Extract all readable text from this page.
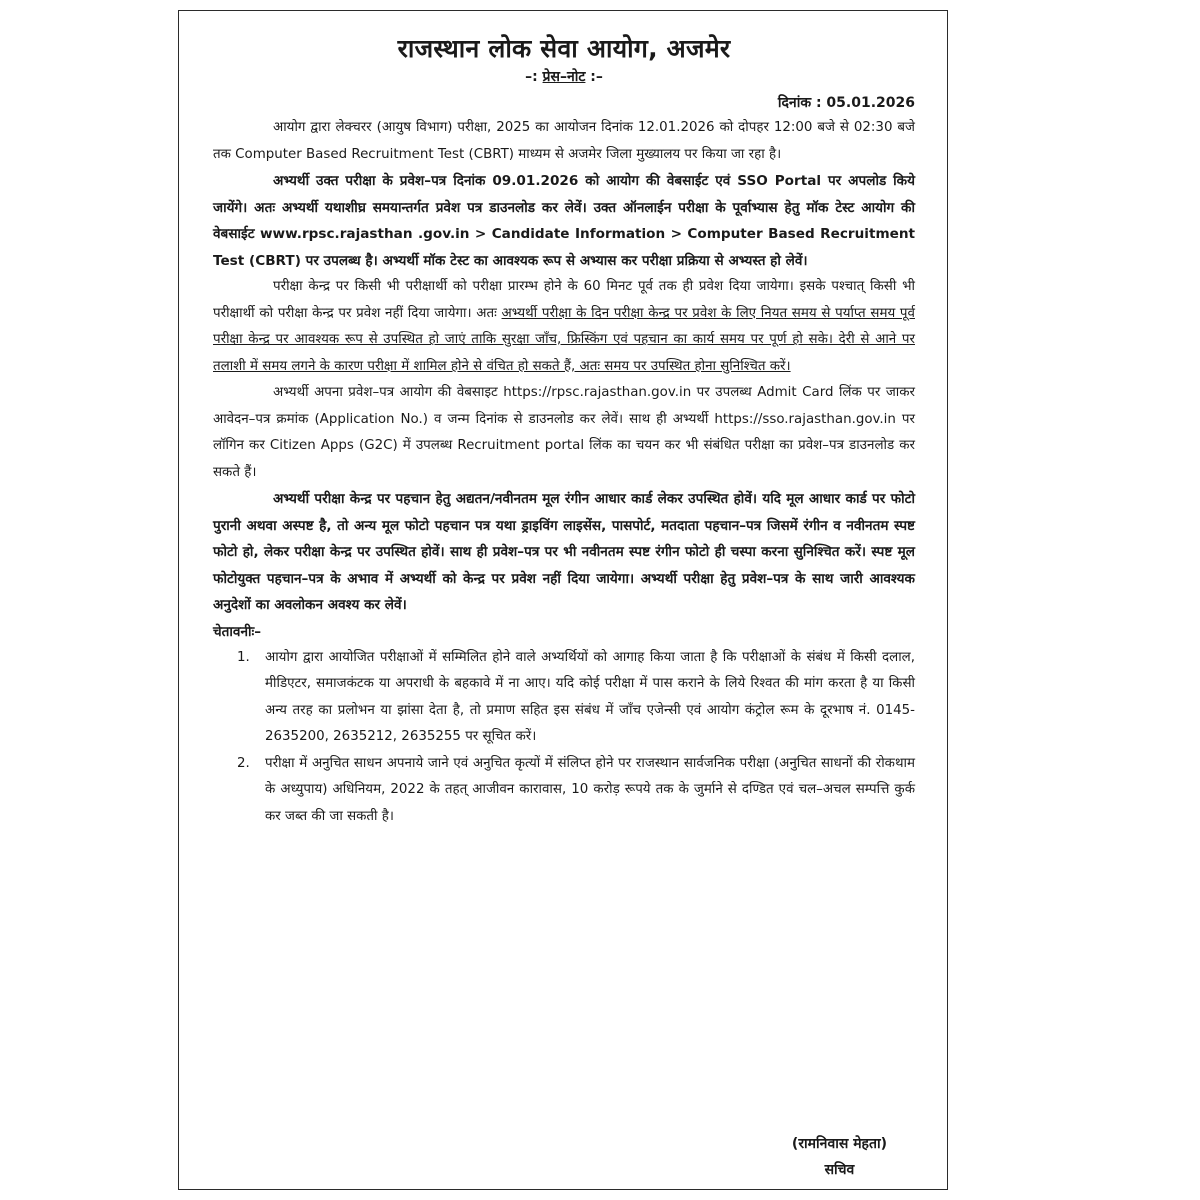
राजस्थान लोक सेवा आयोग, अजमेर
–: प्रेस–नोट :–
दिनांक : 05.01.2026

आयोग द्वारा लेक्चरर (आयुष विभाग) परीक्षा, 2025 का आयोजन दिनांक 12.01.2026 को दोपहर 12:00 बजे से 02:30 बजे तक Computer Based Recruitment Test (CBRT) माध्यम से अजमेर जिला मुख्यालय पर किया जा रहा है।

अभ्यर्थी उक्त परीक्षा के प्रवेश–पत्र दिनांक 09.01.2026 को आयोग की वेबसाईट एवं SSO Portal पर अपलोड किये जायेंगे। अतः अभ्यर्थी यथाशीघ्र समयान्तर्गत प्रवेश पत्र डाउनलोड कर लेवें। उक्त ऑनलाईन परीक्षा के पूर्वाभ्यास हेतु मॉक टेस्ट आयोग की वेबसाईट www.rpsc.rajasthan .gov.in > Candidate Information > Computer Based Recruitment Test (CBRT) पर उपलब्ध है। अभ्यर्थी मॉक टेस्ट का आवश्यक रूप से अभ्यास कर परीक्षा प्रक्रिया से अभ्यस्त हो लेवें।

परीक्षा केन्द्र पर किसी भी परीक्षार्थी को परीक्षा प्रारम्भ होने के 60 मिनट पूर्व तक ही प्रवेश दिया जायेगा। इसके पश्चात् किसी भी परीक्षार्थी को परीक्षा केन्द्र पर प्रवेश नहीं दिया जायेगा। अतः अभ्यर्थी परीक्षा के दिन परीक्षा केन्द्र पर प्रवेश के लिए नियत समय से पर्याप्त समय पूर्व परीक्षा केन्द्र पर आवश्यक रूप से उपस्थित हो जाएं ताकि सुरक्षा जाँच, फ्रिस्किंग एवं पहचान का कार्य समय पर पूर्ण हो सके। देरी से आने पर तलाशी में समय लगने के कारण परीक्षा में शामिल होने से वंचित हो सकते हैं, अतः समय पर उपस्थित होना सुनिश्चित करें।

अभ्यर्थी अपना प्रवेश–पत्र आयोग की वेबसाइट https://rpsc.rajasthan.gov.in पर उपलब्ध Admit Card लिंक पर जाकर आवेदन–पत्र क्रमांक (Application No.) व जन्म दिनांक से डाउनलोड कर लेवें। साथ ही अभ्यर्थी https://sso.rajasthan.gov.in पर लॉगिन कर Citizen Apps (G2C) में उपलब्ध Recruitment portal लिंक का चयन कर भी संबंधित परीक्षा का प्रवेश–पत्र डाउनलोड कर सकते हैं।

अभ्यर्थी परीक्षा केन्द्र पर पहचान हेतु अद्यतन/नवीनतम मूल रंगीन आधार कार्ड लेकर उपस्थित होवें। यदि मूल आधार कार्ड पर फोटो पुरानी अथवा अस्पष्ट है, तो अन्य मूल फोटो पहचान पत्र यथा ड्राइविंग लाइसेंस, पासपोर्ट, मतदाता पहचान–पत्र जिसमें रंगीन व नवीनतम स्पष्ट फोटो हो, लेकर परीक्षा केन्द्र पर उपस्थित होवें। साथ ही प्रवेश–पत्र पर भी नवीनतम स्पष्ट रंगीन फोटो ही चस्पा करना सुनिश्चित करें। स्पष्ट मूल फोटोयुक्त पहचान–पत्र के अभाव में अभ्यर्थी को केन्द्र पर प्रवेश नहीं दिया जायेगा। अभ्यर्थी परीक्षा हेतु प्रवेश–पत्र के साथ जारी आवश्यक अनुदेशों का अवलोकन अवश्य कर लेवें।

चेतावनीः–

1. आयोग द्वारा आयोजित परीक्षाओं में सम्मिलित होने वाले अभ्यर्थियों को आगाह किया जाता है कि परीक्षाओं के संबंध में किसी दलाल, मीडिएटर, समाजकंटक या अपराधी के बहकावे में ना आए। यदि कोई परीक्षा में पास कराने के लिये रिश्वत की मांग करता है या किसी अन्य तरह का प्रलोभन या झांसा देता है, तो प्रमाण सहित इस संबंध में जाँच एजेन्सी एवं आयोग कंट्रोल रूम के दूरभाष नं. 0145-2635200, 2635212, 2635255 पर सूचित करें।
2. परीक्षा में अनुचित साधन अपनाये जाने एवं अनुचित कृत्यों में संलिप्त होने पर राजस्थान सार्वजनिक परीक्षा (अनुचित साधनों की रोकथाम के अध्युपाय) अधिनियम, 2022 के तहत् आजीवन कारावास, 10 करोड़ रूपये तक के जुर्माने से दण्डित एवं चल–अचल सम्पत्ति कुर्क कर जब्त की जा सकती है।
(रामनिवास मेहता)
सचिव
